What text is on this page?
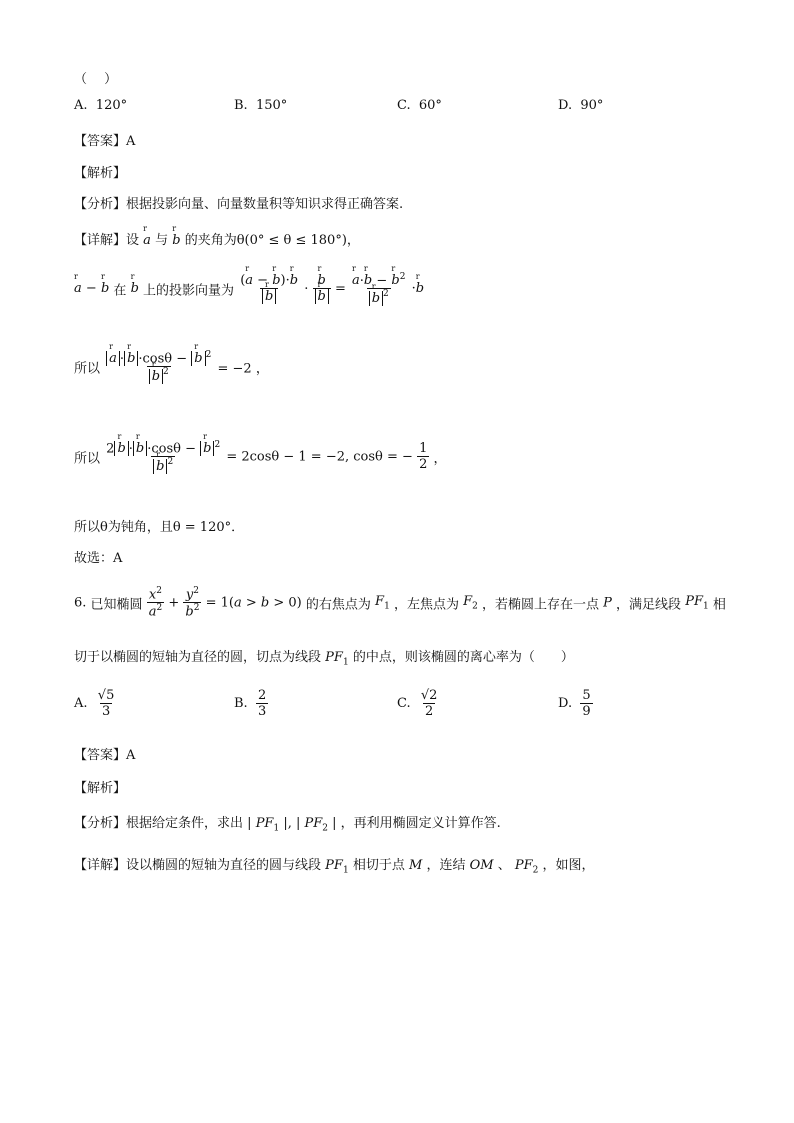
（　 ）
A. 120°	B. 150°	C. 60°	D. 90°
【答案】A
【解析】
【分析】根据投影向量、向量数量积等知识求得正确答案.
【详解】设 r a 与 r b 的夹角为θ(0° ≤ θ ≤ 180°)，
r a − r b 在 r b 上的投影向量为 (r a − r b)·r b
r b · r b
r b = r a·r b − r $b^2$
r b $^2$ ·r b
所以 r a · r b ·cosθ − r b $^2$
r b $^2$ = −2 ，
所以 2 r b · r b ·cosθ − r b $^2$
r b $^2$ = 2cosθ − 1 = −2, cosθ = − $\frac{1}{2}$ ，
所以θ为钝角，且θ = 120°．
故选：A
6. 已知椭圆 $\frac{x^2}{a^2} + \frac{y^2}{b^2} = 1(a > b > 0)$ 的右焦点为 $F_1$ ，左焦点为 $F_2$ ，若椭圆上存在一点 P ，满足线段 $PF_1$ 相
切于以椭圆的短轴为直径的圆，切点为线段 $PF_1$ 的中点，则该椭圆的离心率为（　　）
A. $\frac{√5}{3}$	B. $\frac{2}{3}$	C. $\frac{√2}{2}$	D. $\frac{5}{9}$
【答案】A
【解析】
【分析】根据给定条件，求出 | $PF_1$ |, | $PF_2$ | ，再利用椭圆定义计算作答.
【详解】设以椭圆的短轴为直径的圆与线段 $PF_1$ 相切于点 M ，连结 OM 、 $PF_2$ ，如图，
